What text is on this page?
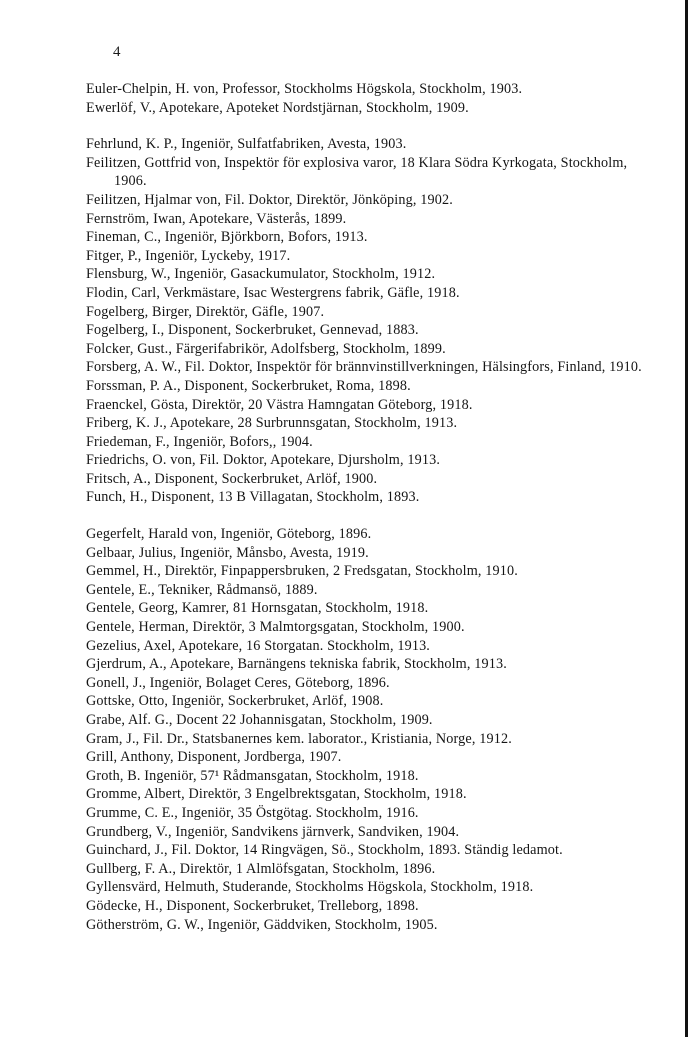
4
Euler-Chelpin, H. von, Professor, Stockholms Högskola, Stockholm, 1903.
Ewerlöf, V., Apotekare, Apoteket Nordstjärnan, Stockholm, 1909.
Fehrlund, K. P., Ingeniör, Sulfatfabriken, Avesta, 1903.
Feilitzen, Gottfrid von, Inspektör för explosiva varor, 18 Klara Södra Kyrkogata, Stockholm, 1906.
Feilitzen, Hjalmar von, Fil. Doktor, Direktör, Jönköping, 1902.
Fernström, Iwan, Apotekare, Västerås, 1899.
Fineman, C., Ingeniör, Björkborn, Bofors, 1913.
Fitger, P., Ingeniör, Lyckeby, 1917.
Flensburg, W., Ingeniör, Gasackumulator, Stockholm, 1912.
Flodin, Carl, Verkmästare, Isac Westergrens fabrik, Gäfle, 1918.
Fogelberg, Birger, Direktör, Gäfle, 1907.
Fogelberg, I., Disponent, Sockerbruket, Gennevad, 1883.
Folcker, Gust., Färgerifabrikör, Adolfsberg, Stockholm, 1899.
Forsberg, A. W., Fil. Doktor, Inspektör för brännvinstillverkningen, Hälsingfors, Finland, 1910.
Forssman, P. A., Disponent, Sockerbruket, Roma, 1898.
Fraenckel, Gösta, Direktör, 20 Västra Hamngatan Göteborg, 1918.
Friberg, K. J., Apotekare, 28 Surbrunnsgatan, Stockholm, 1913.
Friedeman, F., Ingeniör, Bofors,, 1904.
Friedrichs, O. von, Fil. Doktor, Apotekare, Djursholm, 1913.
Fritsch, A., Disponent, Sockerbruket, Arlöf, 1900.
Funch, H., Disponent, 13 B Villagatan, Stockholm, 1893.
Gegerfelt, Harald von, Ingeniör, Göteborg, 1896.
Gelbaar, Julius, Ingeniör, Månsbo, Avesta, 1919.
Gemmel, H., Direktör, Finpappersbruken, 2 Fredsgatan, Stockholm, 1910.
Gentele, E., Tekniker, Rådmansö, 1889.
Gentele, Georg, Kamrer, 81 Hornsgatan, Stockholm, 1918.
Gentele, Herman, Direktör, 3 Malmtorgsgatan, Stockholm, 1900.
Gezelius, Axel, Apotekare, 16 Storgatan. Stockholm, 1913.
Gjerdrum, A., Apotekare, Barnängens tekniska fabrik, Stockholm, 1913.
Gonell, J., Ingeniör, Bolaget Ceres, Göteborg, 1896.
Gottske, Otto, Ingeniör, Sockerbruket, Arlöf, 1908.
Grabe, Alf. G., Docent 22 Johannisgatan, Stockholm, 1909.
Gram, J., Fil. Dr., Statsbanernes kem. laborator., Kristiania, Norge, 1912.
Grill, Anthony, Disponent, Jordberga, 1907.
Groth, B. Ingeniör, 57¹ Rådmansgatan, Stockholm, 1918.
Gromme, Albert, Direktör, 3 Engelbrektsgatan, Stockholm, 1918.
Grumme, C. E., Ingeniör, 35 Östgötag. Stockholm, 1916.
Grundberg, V., Ingeniör, Sandvikens järnverk, Sandviken, 1904.
Guinchard, J., Fil. Doktor, 14 Ringvägen, Sö., Stockholm, 1893. Ständig ledamot.
Gullberg, F. A., Direktör, 1 Almlöfsgatan, Stockholm, 1896.
Gyllensvärd, Helmuth, Studerande, Stockholms Högskola, Stockholm, 1918.
Gödecke, H., Disponent, Sockerbruket, Trelleborg, 1898.
Götherström, G. W., Ingeniör, Gäddviken, Stockholm, 1905.
